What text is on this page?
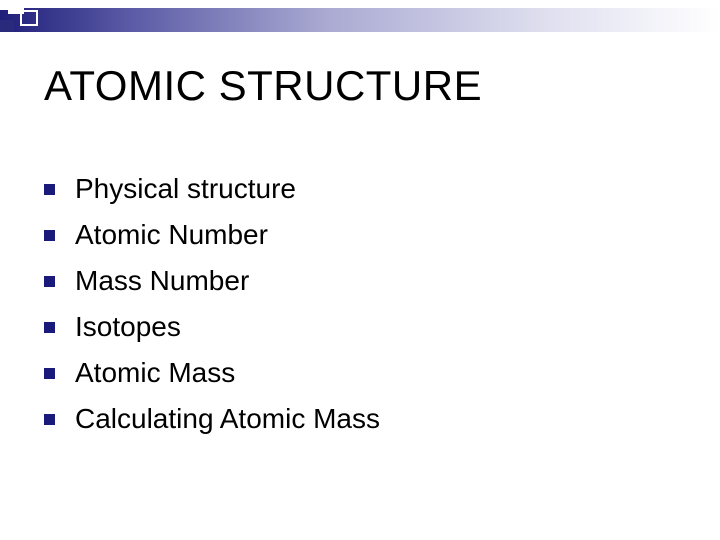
ATOMIC STRUCTURE
Physical structure
Atomic Number
Mass Number
Isotopes
Atomic Mass
Calculating Atomic Mass
